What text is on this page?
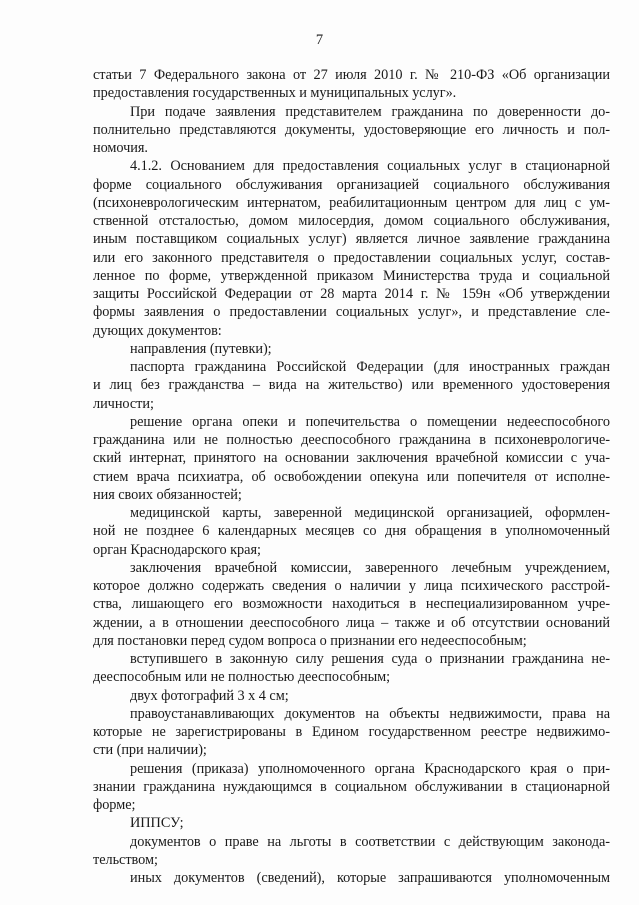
7

статьи 7 Федерального закона от 27 июля 2010 г. № 210-ФЗ «Об организации

предоставления государственных и муниципальных услуг».

При подаче заявления представителем гражданина по доверенности до-

полнительно представляются документы, удостоверяющие его личность и пол-

номочия.

4.1.2. Основанием для предоставления социальных услуг в стационарной

форме социального обслуживания организацией социального обслуживания

(психоневрологическим интернатом, реабилитационным центром для лиц с ум-

ственной отсталостью, домом милосердия, домом социального обслуживания,

иным поставщиком социальных услуг) является личное заявление гражданина

или его законного представителя о предоставлении социальных услуг, состав-

ленное по форме, утвержденной приказом Министерства труда и социальной

защиты Российской Федерации от 28 марта 2014 г. № 159н «Об утверждении

формы заявления о предоставлении социальных услуг», и представление сле-

дующих документов:

направления (путевки);

паспорта гражданина Российской Федерации (для иностранных граждан

и лиц без гражданства – вида на жительство) или временного удостоверения

личности;

решение органа опеки и попечительства о помещении недееспособного

гражданина или не полностью дееспособного гражданина в психоневрологиче-

ский интернат, принятого на основании заключения врачебной комиссии с уча-

стием врача психиатра, об освобождении опекуна или попечителя от исполне-

ния своих обязанностей;

медицинской карты, заверенной медицинской организацией, оформлен-

ной не позднее 6 календарных месяцев со дня обращения в уполномоченный

орган Краснодарского края;

заключения врачебной комиссии, заверенного лечебным учреждением,

которое должно содержать сведения о наличии у лица психического расстрой-

ства, лишающего его возможности находиться в неспециализированном учре-

ждении, а в отношении дееспособного лица – также и об отсутствии оснований

для постановки перед судом вопроса о признании его недееспособным;

вступившего в законную силу решения суда о признании гражданина не-

дееспособным или не полностью дееспособным;

двух фотографий 3 х 4 см;

правоустанавливающих документов на объекты недвижимости, права на

которые не зарегистрированы в Едином государственном реестре недвижимо-

сти (при наличии);

решения (приказа) уполномоченного органа Краснодарского края о при-

знании гражданина нуждающимся в социальном обслуживании в стационарной

форме;

ИППСУ;

документов о праве на льготы в соответствии с действующим законода-

тельством;

иных документов (сведений), которые запрашиваются уполномоченным
